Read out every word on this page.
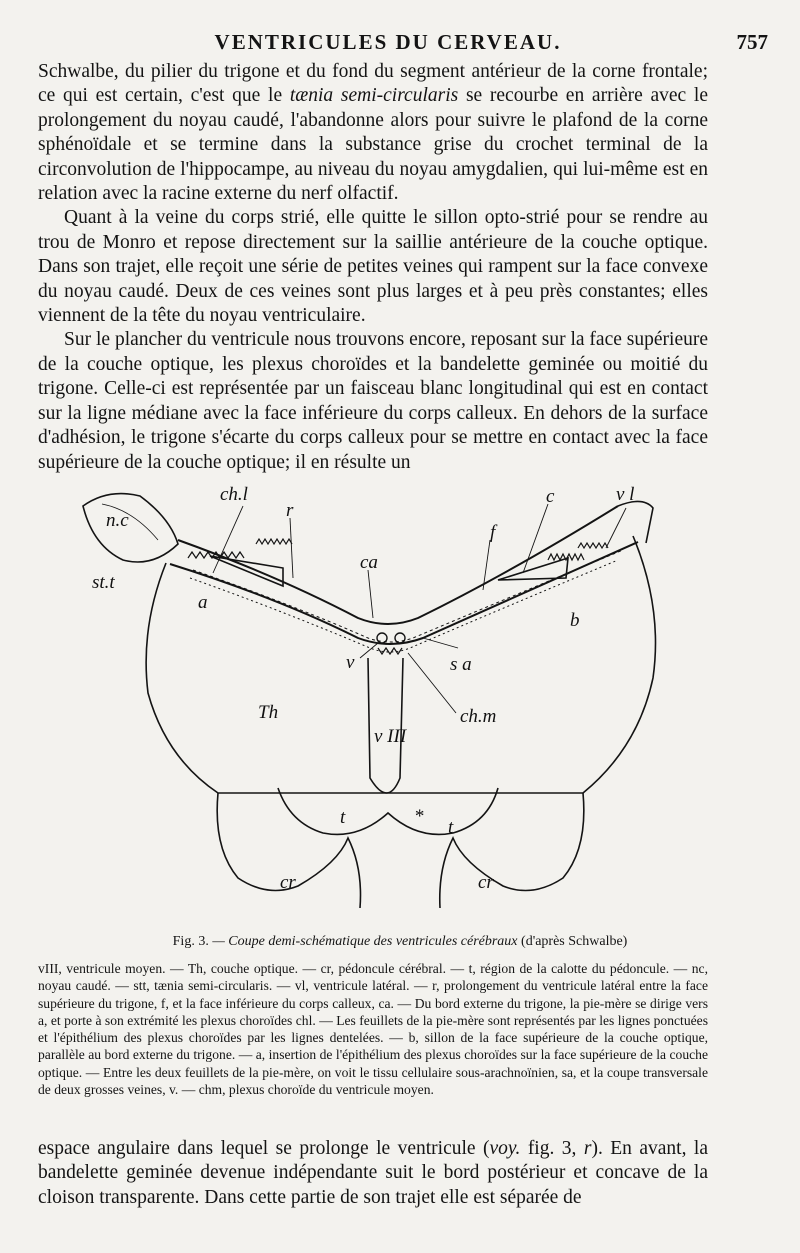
VENTRICULES DU CERVEAU.	757

Schwalbe, du pilier du trigone et du fond du segment antérieur de la corne frontale; ce qui est certain, c'est que le tænia semi-circularis se recourbe en arrière avec le prolongement du noyau caudé, l'abandonne alors pour suivre le plafond de la corne sphénoïdale et se termine dans la substance grise du crochet terminal de la circonvolution de l'hippocampe, au niveau du noyau amygdalien, qui lui-même est en relation avec la racine externe du nerf olfactif.

Quant à la veine du corps strié, elle quitte le sillon opto-strié pour se rendre au trou de Monro et repose directement sur la saillie antérieure de la couche optique. Dans son trajet, elle reçoit une série de petites veines qui rampent sur la face convexe du noyau caudé. Deux de ces veines sont plus larges et à peu près constantes; elles viennent de la tête du noyau ventriculaire.

Sur le plancher du ventricule nous trouvons encore, reposant sur la face supérieure de la couche optique, les plexus choroïdes et la bandelette geminée ou moitié du trigone. Celle-ci est représentée par un faisceau blanc longitudinal qui est en contact sur la ligne médiane avec la face inférieure du corps calleux. En dehors de la surface d'adhésion, le trigone s'écarte du corps calleux pour se mettre en contact avec la face supérieure de la couche optique; il en résulte un

ch.l
r
c	v l
n.c
f
st.t
ca
a
b
v	s a
Th	ch.m
v III
t	*
t
cr	cr
Fig. 3. — Coupe demi-schématique des ventricules cérébraux (d'après Schwalbe)

vIII, ventricule moyen. — Th, couche optique. — cr, pédoncule cérébral. — t, région de la calotte du pédoncule. — nc, noyau caudé. — stt, tænia semi-circularis. — vl, ventricule latéral. — r, prolongement du ventricule latéral entre la face supérieure du trigone, f, et la face inférieure du corps calleux, ca. — Du bord externe du trigone, la pie-mère se dirige vers a, et porte à son extrémité les plexus choroïdes chl. — Les feuillets de la pie-mère sont représentés par les lignes ponctuées et l'épithélium des plexus choroïdes par les lignes dentelées. — b, sillon de la face supérieure de la couche optique, parallèle au bord externe du trigone. — a, insertion de l'épithélium des plexus choroïdes sur la face supérieure de la couche optique. — Entre les deux feuillets de la pie-mère, on voit le tissu cellulaire sous-arachnoïnien, sa, et la coupe transversale de deux grosses veines, v. — chm, plexus choroïde du ventricule moyen.

espace angulaire dans lequel se prolonge le ventricule (voy. fig. 3, r). En avant, la bandelette geminée devenue indépendante suit le bord postérieur et concave de la cloison transparente. Dans cette partie de son trajet elle est séparée de
